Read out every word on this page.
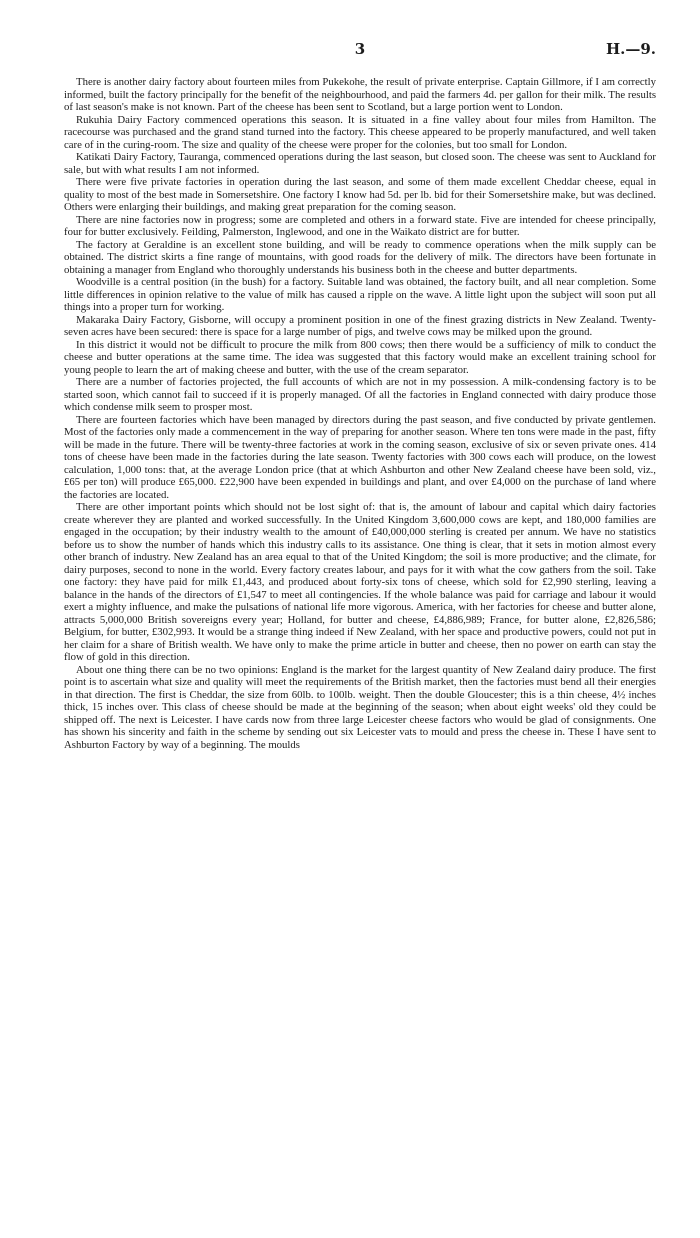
3	H.—9.

There is another dairy factory about fourteen miles from Pukekohe, the result of private enterprise. Captain Gillmore, if I am correctly informed, built the factory principally for the benefit of the neighbourhood, and paid the farmers 4d. per gallon for their milk. The results of last season's make is not known. Part of the cheese has been sent to Scotland, but a large portion went to London.

Rukuhia Dairy Factory commenced operations this season. It is situated in a fine valley about four miles from Hamilton. The racecourse was purchased and the grand stand turned into the factory. This cheese appeared to be properly manufactured, and well taken care of in the curing-room. The size and quality of the cheese were proper for the colonies, but too small for London.

Katikati Dairy Factory, Tauranga, commenced operations during the last season, but closed soon. The cheese was sent to Auckland for sale, but with what results I am not informed.

There were five private factories in operation during the last season, and some of them made excellent Cheddar cheese, equal in quality to most of the best made in Somersetshire. One factory I know had 5d. per lb. bid for their Somersetshire make, but was declined. Others were enlarging their buildings, and making great preparation for the coming season.

There are nine factories now in progress; some are completed and others in a forward state. Five are intended for cheese principally, four for butter exclusively. Feilding, Palmerston, Inglewood, and one in the Waikato district are for butter.

The factory at Geraldine is an excellent stone building, and will be ready to commence operations when the milk supply can be obtained. The district skirts a fine range of mountains, with good roads for the delivery of milk. The directors have been fortunate in obtaining a manager from England who thoroughly understands his business both in the cheese and butter departments.

Woodville is a central position (in the bush) for a factory. Suitable land was obtained, the factory built, and all near completion. Some little differences in opinion relative to the value of milk has caused a ripple on the wave. A little light upon the subject will soon put all things into a proper turn for working.

Makaraka Dairy Factory, Gisborne, will occupy a prominent position in one of the finest grazing districts in New Zealand. Twenty-seven acres have been secured: there is space for a large number of pigs, and twelve cows may be milked upon the ground.

In this district it would not be difficult to procure the milk from 800 cows; then there would be a sufficiency of milk to conduct the cheese and butter operations at the same time. The idea was suggested that this factory would make an excellent training school for young people to learn the art of making cheese and butter, with the use of the cream separator.

There are a number of factories projected, the full accounts of which are not in my possession. A milk-condensing factory is to be started soon, which cannot fail to succeed if it is properly managed. Of all the factories in England connected with dairy produce those which condense milk seem to prosper most.

There are fourteen factories which have been managed by directors during the past season, and five conducted by private gentlemen. Most of the factories only made a commencement in the way of preparing for another season. Where ten tons were made in the past, fifty will be made in the future. There will be twenty-three factories at work in the coming season, exclusive of six or seven private ones. 414 tons of cheese have been made in the factories during the late season. Twenty factories with 300 cows each will produce, on the lowest calculation, 1,000 tons: that, at the average London price (that at which Ashburton and other New Zealand cheese have been sold, viz., £65 per ton) will produce £65,000. £22,900 have been expended in buildings and plant, and over £4,000 on the purchase of land where the factories are located.

There are other important points which should not be lost sight of: that is, the amount of labour and capital which dairy factories create wherever they are planted and worked successfully. In the United Kingdom 3,600,000 cows are kept, and 180,000 families are engaged in the occupation; by their industry wealth to the amount of £40,000,000 sterling is created per annum. We have no statistics before us to show the number of hands which this industry calls to its assistance. One thing is clear, that it sets in motion almost every other branch of industry. New Zealand has an area equal to that of the United Kingdom; the soil is more productive; and the climate, for dairy purposes, second to none in the world. Every factory creates labour, and pays for it with what the cow gathers from the soil. Take one factory: they have paid for milk £1,443, and produced about forty-six tons of cheese, which sold for £2,990 sterling, leaving a balance in the hands of the directors of £1,547 to meet all contingencies. If the whole balance was paid for carriage and labour it would exert a mighty influence, and make the pulsations of national life more vigorous. America, with her factories for cheese and butter alone, attracts 5,000,000 British sovereigns every year; Holland, for butter and cheese, £4,886,989; France, for butter alone, £2,826,586; Belgium, for butter, £302,993. It would be a strange thing indeed if New Zealand, with her space and productive powers, could not put in her claim for a share of British wealth. We have only to make the prime article in butter and cheese, then no power on earth can stay the flow of gold in this direction.

About one thing there can be no two opinions: England is the market for the largest quantity of New Zealand dairy produce. The first point is to ascertain what size and quality will meet the requirements of the British market, then the factories must bend all their energies in that direction. The first is Cheddar, the size from 60lb. to 100lb. weight. Then the double Gloucester; this is a thin cheese, 4½ inches thick, 15 inches over. This class of cheese should be made at the beginning of the season; when about eight weeks' old they could be shipped off. The next is Leicester. I have cards now from three large Leicester cheese factors who would be glad of consignments. One has shown his sincerity and faith in the scheme by sending out six Leicester vats to mould and press the cheese in. These I have sent to Ashburton Factory by way of a beginning. The moulds
